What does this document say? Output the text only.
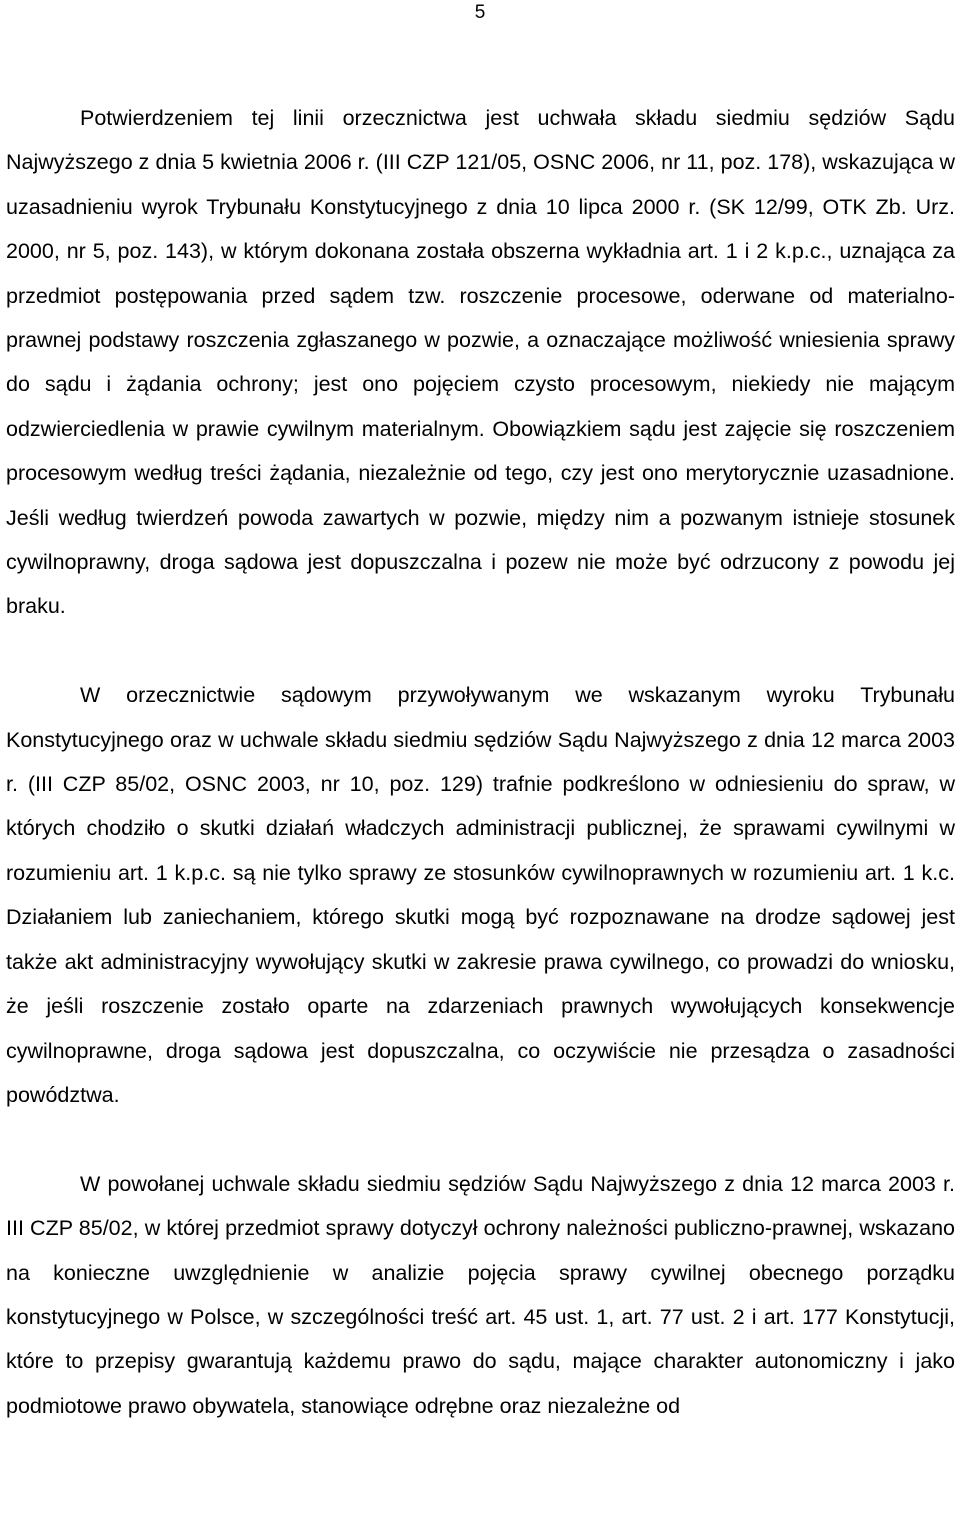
5

Potwierdzeniem tej linii orzecznictwa jest uchwała składu siedmiu sędziów Sądu Najwyższego z dnia 5 kwietnia 2006 r. (III CZP 121/05, OSNC 2006, nr 11, poz. 178), wskazująca w uzasadnieniu wyrok Trybunału Konstytucyjnego z dnia 10 lipca 2000 r. (SK 12/99, OTK Zb. Urz. 2000, nr 5, poz. 143), w którym dokonana została obszerna wykładnia art. 1 i 2 k.p.c., uznająca za przedmiot postępowania przed sądem tzw. roszczenie procesowe, oderwane od materialno-prawnej podstawy roszczenia zgłaszanego w pozwie, a oznaczające możliwość wniesienia sprawy do sądu i żądania ochrony; jest ono pojęciem czysto procesowym, niekiedy nie mającym odzwierciedlenia w prawie cywilnym materialnym. Obowiązkiem sądu jest zajęcie się roszczeniem procesowym według treści żądania, niezależnie od tego, czy jest ono merytorycznie uzasadnione. Jeśli według twierdzeń powoda zawartych w pozwie, między nim a pozwanym istnieje stosunek cywilnoprawny, droga sądowa jest dopuszczalna i pozew nie może być odrzucony z powodu jej braku.

W orzecznictwie sądowym przywoływanym we wskazanym wyroku Trybunału Konstytucyjnego oraz w uchwale składu siedmiu sędziów Sądu Najwyższego z dnia 12 marca 2003 r. (III CZP 85/02, OSNC 2003, nr 10, poz. 129) trafnie podkreślono w odniesieniu do spraw, w których chodziło o skutki działań władczych administracji publicznej, że sprawami cywilnymi w rozumieniu art. 1 k.p.c. są nie tylko sprawy ze stosunków cywilnoprawnych w rozumieniu art. 1 k.c. Działaniem lub zaniechaniem, którego skutki mogą być rozpoznawane na drodze sądowej jest także akt administracyjny wywołujący skutki w zakresie prawa cywilnego, co prowadzi do wniosku, że jeśli roszczenie zostało oparte na zdarzeniach prawnych wywołujących konsekwencje cywilnoprawne, droga sądowa jest dopuszczalna, co oczywiście nie przesądza o zasadności powództwa.

W powołanej uchwale składu siedmiu sędziów Sądu Najwyższego z dnia 12 marca 2003 r. III CZP 85/02, w której przedmiot sprawy dotyczył ochrony należności publiczno-prawnej, wskazano na konieczne uwzględnienie w analizie pojęcia sprawy cywilnej obecnego porządku konstytucyjnego w Polsce, w szczególności treść art. 45 ust. 1, art. 77 ust. 2 i art. 177 Konstytucji, które to przepisy gwarantują każdemu prawo do sądu, mające charakter autonomiczny i jako podmiotowe prawo obywatela, stanowiące odrębne oraz niezależne od
